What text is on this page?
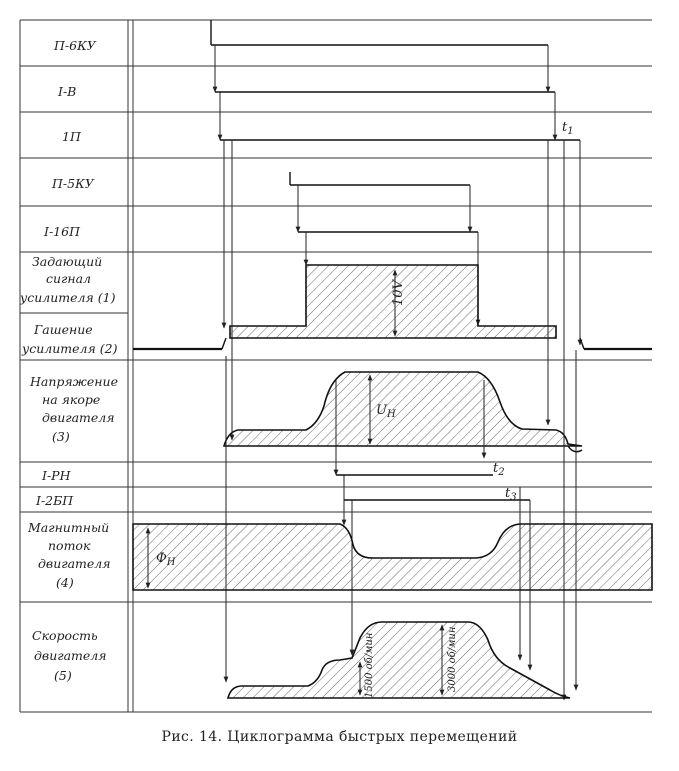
П-6КУ
I-B
1П
П-5КУ
I-16П
Задающий сигнал усилителя (1)
Гашение усилителя (2)
Напряжение на якоре двигателя (3)
I-PH
I-2БП
Магнитный поток двигателя (4)
Скорость двигателя (5)
10V
$U_H$
$t_2$
$t_3$
$t_1$
$Ф_H$
1500 об/мин	3000 об/мин
Рис. 14. Циклограмма быстрых перемещений
